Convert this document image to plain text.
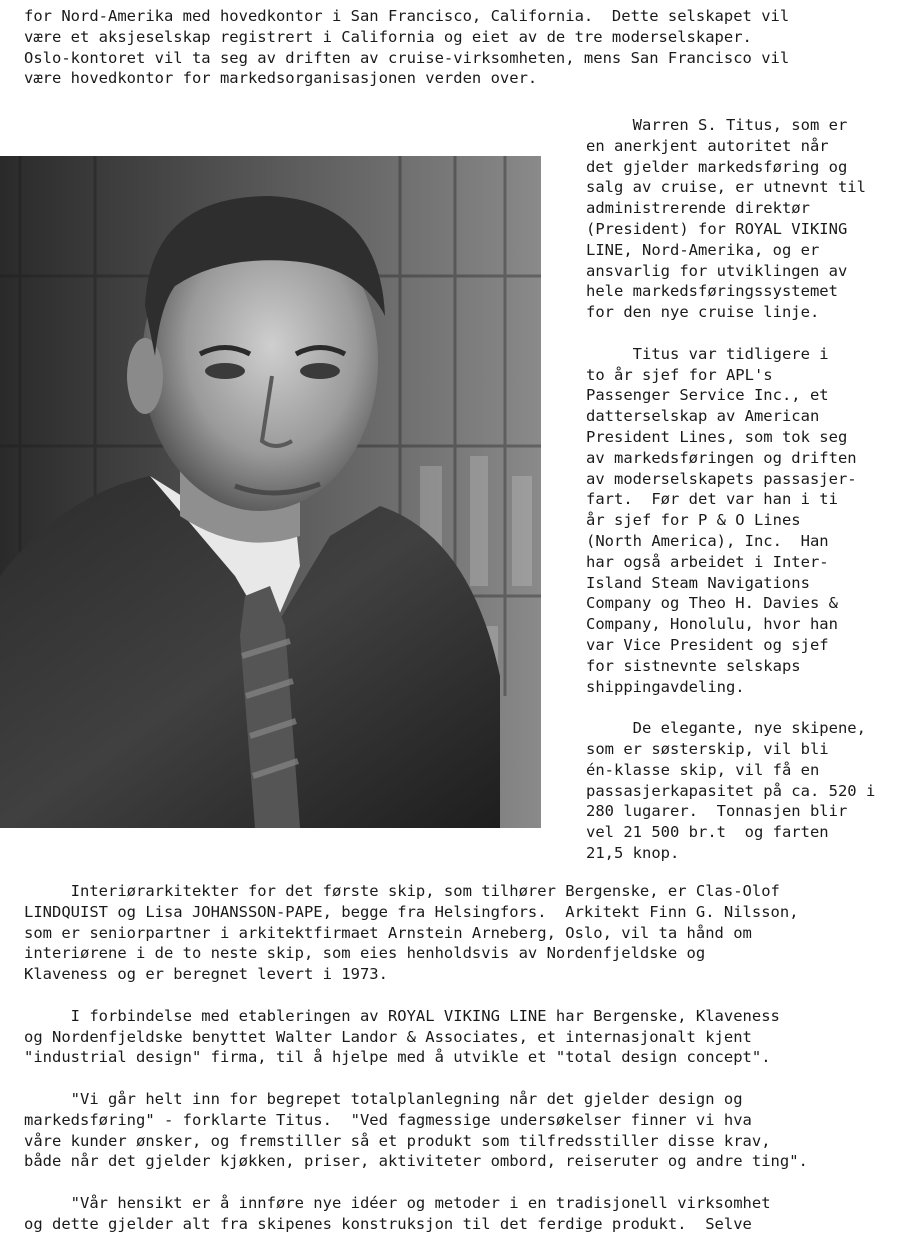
for Nord-Amerika med hovedkontor i San Francisco, California.  Dette selskapet vil
være et aksjeselskap registrert i California og eiet av de tre moderselskaper.
Oslo-kontoret vil ta seg av driften av cruise-virksomheten, mens San Francisco vil
være hovedkontor for markedsorganisasjonen verden over.
Warren S. Titus, som er
en anerkjent autoritet når
det gjelder markedsføring og
salg av cruise, er utnevnt til
administrerende direktør
(President) for ROYAL VIKING
LINE, Nord-Amerika, og er
ansvarlig for utviklingen av
hele markedsføringssystemet
for den nye cruise linje.
Titus var tidligere i
to år sjef for APL's
Passenger Service Inc., et
datterselskap av American
President Lines, som tok seg
av markedsføringen og driften
av moderselskapets passasjer-
fart.  Før det var han i ti
år sjef for P & O Lines
(North America), Inc.  Han
har også arbeidet i Inter-
Island Steam Navigations
Company og Theo H. Davies &
Company, Honolulu, hvor han
var Vice President og sjef
for sistnevnte selskaps
shippingavdeling.
De elegante, nye skipene,
som er søsterskip, vil bli
én-klasse skip, vil få en
passasjerkapasitet på ca. 520 i
280 lugarer.  Tonnasjen blir
vel 21 500 br.t  og farten
21,5 knop.
Interiørarkitekter for det første skip, som tilhører Bergenske, er Clas-Olof
LINDQUIST og Lisa JOHANSSON-PAPE, begge fra Helsingfors.  Arkitekt Finn G. Nilsson,
som er seniorpartner i arkitektfirmaet Arnstein Arneberg, Oslo, vil ta hånd om
interiørene i de to neste skip, som eies henholdsvis av Nordenfjeldske og
Klaveness og er beregnet levert i 1973.
I forbindelse med etableringen av ROYAL VIKING LINE har Bergenske, Klaveness
og Nordenfjeldske benyttet Walter Landor & Associates, et internasjonalt kjent
"industrial design" firma, til å hjelpe med å utvikle et "total design concept".
"Vi går helt inn for begrepet totalplanlegning når det gjelder design og
markedsføring" - forklarte Titus.  "Ved fagmessige undersøkelser finner vi hva
våre kunder ønsker, og fremstiller så et produkt som tilfredsstiller disse krav,
både når det gjelder kjøkken, priser, aktiviteter ombord, reiseruter og andre ting".
"Vår hensikt er å innføre nye idéer og metoder i en tradisjonell virksomhet
og dette gjelder alt fra skipenes konstruksjon til det ferdige produkt.  Selve
